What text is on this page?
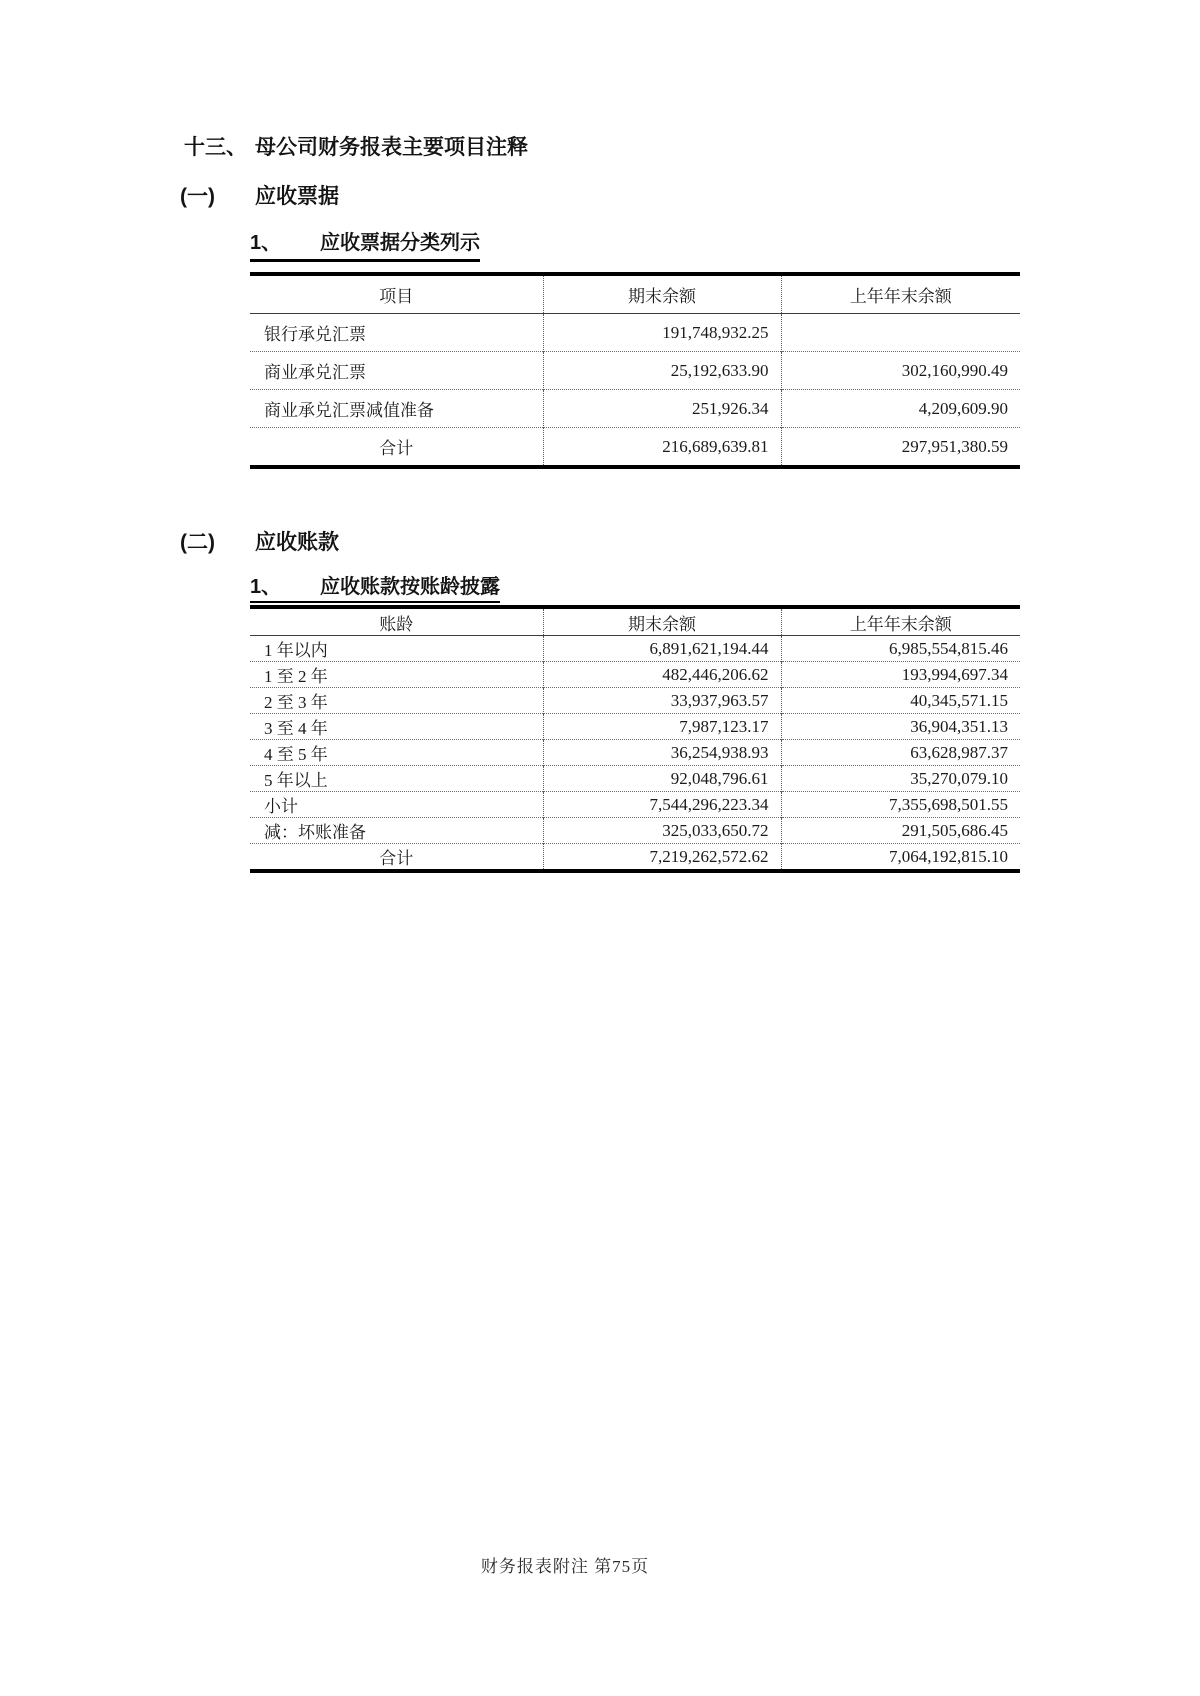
十三、 母公司财务报表主要项目注释
(一)	应收票据
1、	应收票据分类列示
项目	期末余额	上年年末余额
银行承兑汇票	191,748,932.25	
商业承兑汇票	25,192,633.90	302,160,990.49
商业承兑汇票减值准备	251,926.34	4,209,609.90
合计	216,689,639.81	297,951,380.59
(二)	应收账款
1、	应收账款按账龄披露
账龄	期末余额	上年年末余额
1 年以内	6,891,621,194.44	6,985,554,815.46
1 至 2 年	482,446,206.62	193,994,697.34
2 至 3 年	33,937,963.57	40,345,571.15
3 至 4 年	7,987,123.17	36,904,351.13
4 至 5 年	36,254,938.93	63,628,987.37
5 年以上	92,048,796.61	35,270,079.10
小计	7,544,296,223.34	7,355,698,501.55
减：坏账准备	325,033,650.72	291,505,686.45
合计	7,219,262,572.62	7,064,192,815.10
财务报表附注 第75页
